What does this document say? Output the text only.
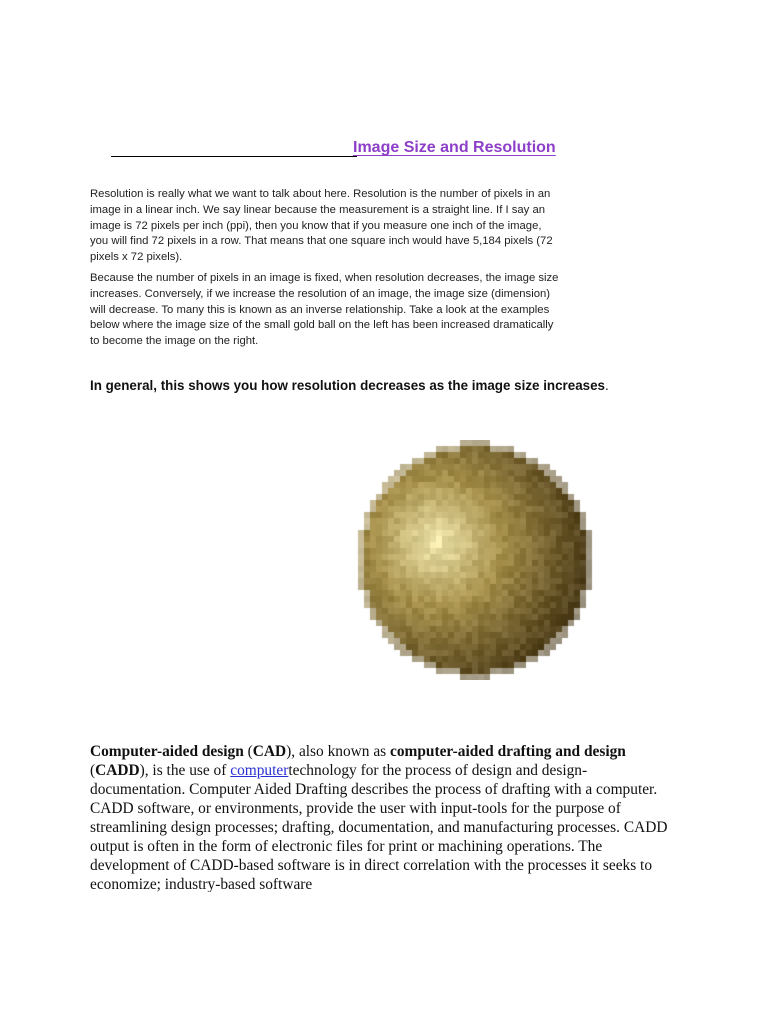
Image Size and Resolution

Resolution is really what we want to talk about here. Resolution is the number of pixels in an image in a linear inch. We say linear because the measurement is a straight line. If I say an image is 72 pixels per inch (ppi), then you know that if you measure one inch of the image, you will find 72 pixels in a row. That means that one square inch would have 5,184 pixels (72 pixels x 72 pixels).

Because the number of pixels in an image is fixed, when resolution decreases, the image size increases. Conversely, if we increase the resolution of an image, the image size (dimension) will decrease. To many this is known as an inverse relationship. Take a look at the examples below where the image size of the small gold ball on the left has been increased dramatically to become the image on the right.

In general, this shows you how resolution decreases as the image size increases.

Computer-aided design (CAD), also known as computer-aided drafting and design (CADD), is the use of computertechnology for the process of design and design-documentation. Computer Aided Drafting describes the process of drafting with a computer. CADD software, or environments, provide the user with input-tools for the purpose of streamlining design processes; drafting, documentation, and manufacturing processes. CADD output is often in the form of electronic files for print or machining operations. The development of CADD-based software is in direct correlation with the processes it seeks to economize; industry-based software
